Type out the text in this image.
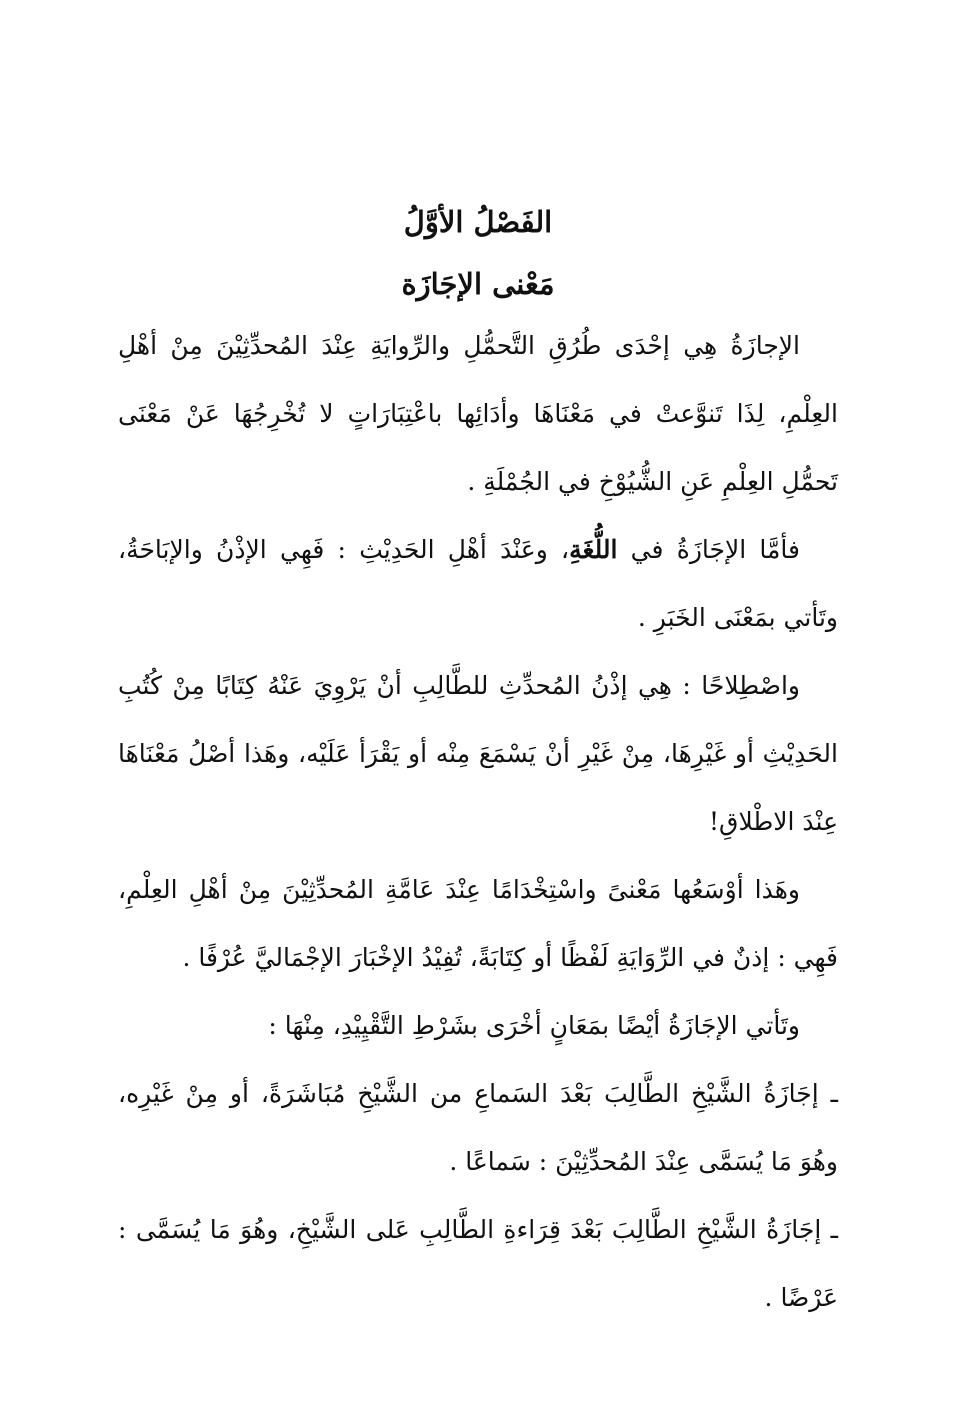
الفَصْلُ الأوَّلُ
مَعْنى الإجَازَة

الإجازَةُ هِي إحْدَى طُرُقِ التَّحمُّلِ والرِّوايَةِ عِنْدَ المُحدِّثِيْنَ مِنْ أهْلِ العِلْمِ، لِذَا تَنوَّعتْ في مَعْنَاهَا وأدَائِها باعْتِبَارَاتٍ لا تُخْرِجُهَا عَنْ مَعْنَى تَحمُّلِ العِلْمِ عَنِ الشُّيُوْخِ في الجُمْلَةِ .

فأمَّا الإجَازَةُ في اللُّغَةِ، وعَنْدَ أهْلِ الحَدِيْثِ : فَهِي الإذْنُ والإبَاحَةُ، وتَأتي بمَعْنَى الخَبَرِ .

واصْطِلاحًا : هِي إذْنُ المُحدِّثِ للطَّالِبِ أنْ يَرْوِيَ عَنْهُ كِتَابًا مِنْ كُتُبِ الحَدِيْثِ أو غَيْرِهَا، مِنْ غَيْرِ أنْ يَسْمَعَ مِنْه أو يَقْرَأ عَلَيْه، وهَذا أصْلُ مَعْنَاهَا عِنْدَ الاطْلاقِ!

وهَذا أوْسَعُها مَعْنىً واسْتِخْدَامًا عِنْدَ عَامَّةِ المُحدِّثِيْنَ مِنْ أهْلِ العِلْمِ، فَهِي : إذنٌ في الرِّوَايَةِ لَفْظًا أو كِتَابَةً، تُفِيْدُ الإخْبَارَ الإجْمَاليَّ عُرْفًا .

وتَأتي الإجَازَةُ أيْضًا بمَعَانٍ أخْرَى بشَرْطِ التَّقْيِيْدِ، مِنْهَا :

ـ إجَازَةُ الشَّيْخِ الطَّالِبَ بَعْدَ السَماعِ من الشَّيْخِ مُبَاشَرَةً، أو مِنْ غَيْرِه، وهُوَ مَا يُسَمَّى عِنْدَ المُحدِّثِيْنَ : سَماعًا .

ـ إجَازَةُ الشَّيْخِ الطَّالِبَ بَعْدَ قِرَاءةِ الطَّالِبِ عَلى الشَّيْخِ، وهُوَ مَا يُسَمَّى : عَرْضًا .
